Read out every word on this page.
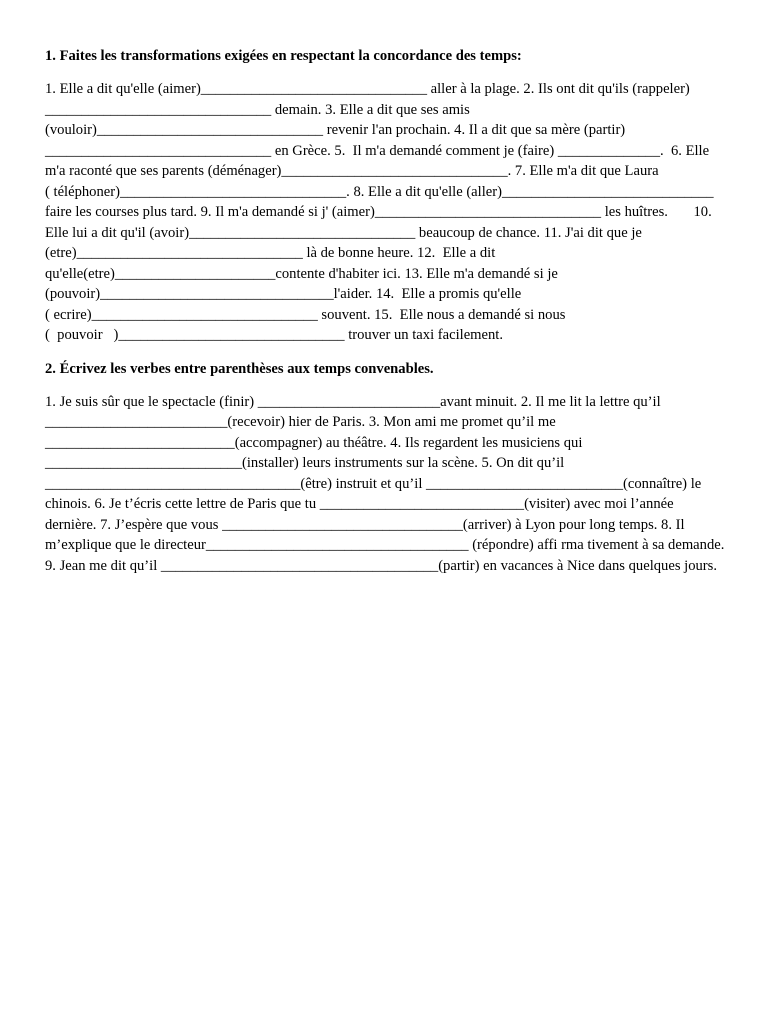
1. Faites les transformations exigées en respectant la concordance des temps:
1. Elle a dit qu'elle (aimer)_______________________________ aller à la plage. 2. Ils ont dit qu'ils (rappeler)
_______________________________ demain. 3. Elle a dit que ses amis
(vouloir)_______________________________ revenir l'an prochain. 4. Il a dit que sa mère (partir)
_______________________________ en Grèce. 5.  Il m'a demandé comment je (faire) ______________.  6. Elle
m'a raconté que ses parents (déménager)_______________________________. 7. Elle m'a dit que Laura
( téléphoner)_______________________________. 8. Elle a dit qu'elle (aller)_____________________________
faire les courses plus tard. 9. Il m'a demandé si j' (aimer)_______________________________ les huîtres.       10.
Elle lui a dit qu'il (avoir)_______________________________ beaucoup de chance. 11. J'ai dit que je
(etre)_______________________________ là de bonne heure. 12.  Elle a dit
qu'elle(etre)______________________contente d'habiter ici. 13. Elle m'a demandé si je
(pouvoir)________________________________l'aider. 14.  Elle a promis qu'elle
( ecrire)_______________________________ souvent. 15.  Elle nous a demandé si nous
(  pouvoir   )_______________________________ trouver un taxi facilement.
2. Écrivez les verbes entre parenthèses aux temps convenables.
1. Je suis sûr que le spectacle (finir) _________________________avant minuit. 2. Il me lit la lettre qu’il
_________________________(recevoir) hier de Paris. 3. Mon ami me promet qu’il me
__________________________(accompagner) au théâtre. 4. Ils regardent les musiciens qui
___________________________(installer) leurs instruments sur la scène. 5. On dit qu’il
___________________________________(être) instruit et qu’il ___________________________(connaître) le
chinois. 6. Je t’écris cette lettre de Paris que tu ____________________________(visiter) avec moi l’année
dernière. 7. J’espère que vous _________________________________(arriver) à Lyon pour long temps. 8. Il
m’explique que le directeur____________________________________ (répondre) affi rma tivement à sa demande.
9. Jean me dit qu’il ______________________________________(partir) en vacances à Nice dans quelques jours.
